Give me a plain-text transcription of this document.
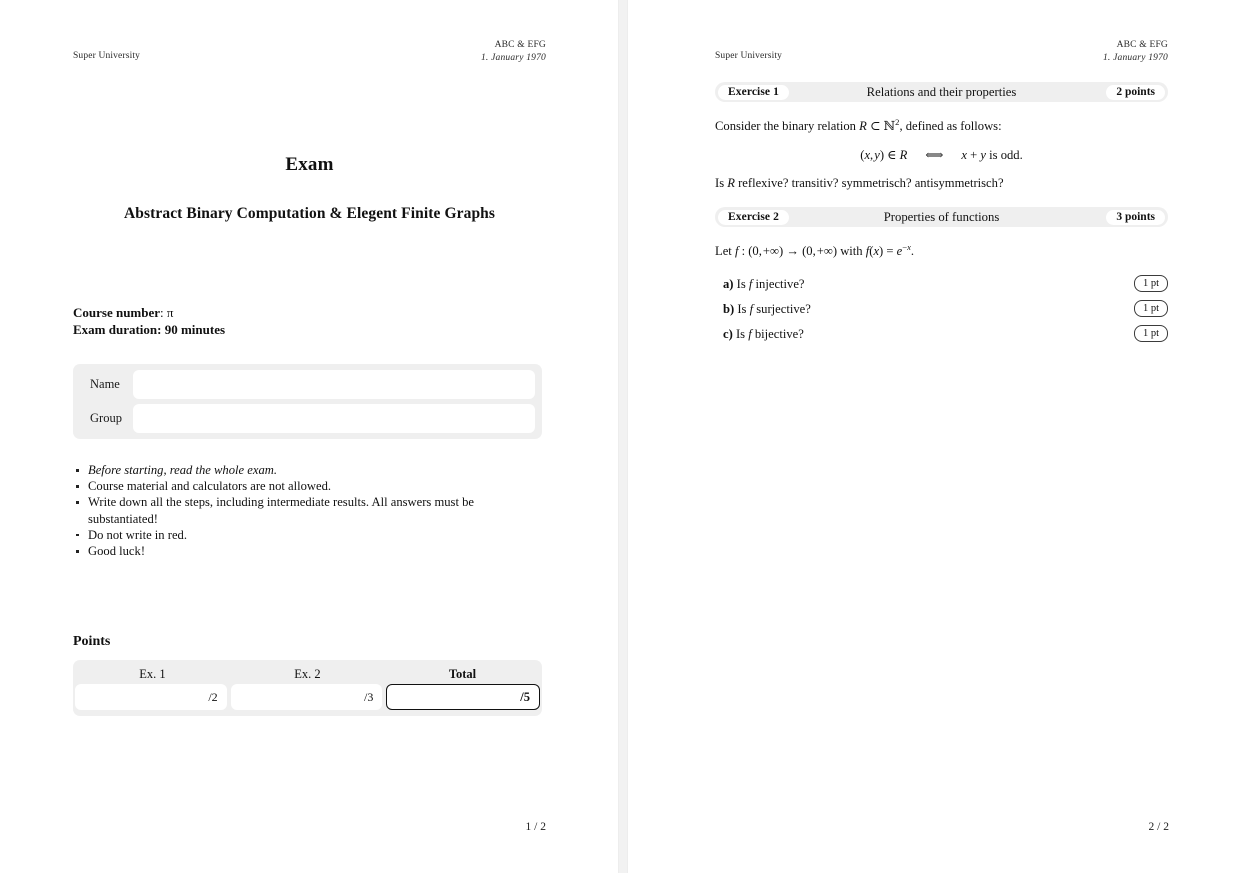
Super University
ABC & EFG
1. January 1970
Exam
Abstract Binary Computation & Elegent Finite Graphs
Course number: π
Exam duration: 90 minutes
Name
Group
Before starting, read the whole exam.
Course material and calculators are not allowed.
Write down all the steps, including intermediate results. All answers must be substantiated!
Do not write in red.
Good luck!
Points
Ex. 1	Ex. 2	Total
/2	/3	/5
1 / 2
Super University
ABC & EFG
1. January 1970
Exercise 1	Relations and their properties	2 points
Consider the binary relation R ⊂ ℕ$^2$, defined as follows:
(x, y) ∈ R ⟺ x + y is odd.
Is R reflexive? transitiv? symmetrisch? antisymmetrisch?
Exercise 2	Properties of functions	3 points
Let f : (0, +∞) → (0, +∞) with $f(x) = e^{-x}$.
a) Is f injective?	1 pt
b) Is f surjective?	1 pt
c) Is f bijective?	1 pt
2 / 2
